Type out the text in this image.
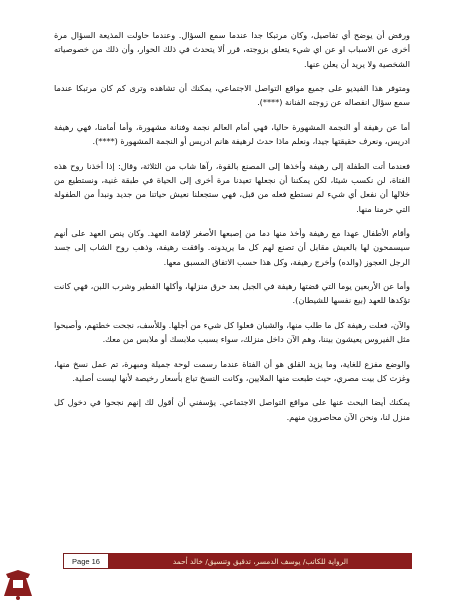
ورفض أن يوضح أي تفاصيل، وكان مرتبكا جدا عندما سمع السؤال. وعندما حاولت المذيعة السؤال مرة أخرى عن الاسباب او عن اي شيء يتعلق بزوجته، قرر ألا يتحدث في ذلك الحوار، وأن ذلك من خصوصياته الشخصية ولا يريد أن يعلن عنها.

ومتوفر هذا الفيديو على جميع مواقع التواصل الاجتماعي، يمكنك أن تشاهده وترى كم كان مرتبكا عندما سمع سؤال انفصاله عن زوجته الفنانة (****).

أما عن رهيفة أو النجمة المشهورة حاليا، فهي أمام العالم نجمة وفنانة مشهورة، وأما أمامنا، فهي رهيفة ادريس، ونعرف حقيقتها جيدا، ونعلم ماذا حدث لرهيفة هانم ادريس أو النجمة المشهورة (****).

فعندما أتت الطفلة إلى رهيفة وأخذها إلى المصنع بالقوة، رآها شاب من الثلاثة، وقال: إذا أخذنا روح هذه الفتاة، لن نكسب شيئا، لكن يمكننا أن نجعلها تعيدنا مرة أخرى إلى الحياة في طبقة غنية، ونستطيع من خلالها أن نفعل أي شيء لم نستطع فعله من قبل، فهي ستجعلنا نعيش حياتنا من جديد ونبدأ من الطفولة التي حرمنا منها.

وأقام الأطفال عهدا مع رهيفة وأخذ منها دما من إصبعها الأصغر لإقامة العهد. وكان ينص العهد على أنهم سيسمحون لها بالعيش مقابل أن تصنع لهم كل ما يريدونه. وافقت رهيفة، وذهب روح الشاب إلى جسد الرجل العجوز (والده) وأخرج رهيفة، وكل هذا حسب الاتفاق المسبق معها.

وأما عن الأربعين يوما التي قضتها رهيفة في الجبل بعد حرق منزلها، وأكلها الفطير وشرب اللبن، فهي كانت تؤكدها للعهد (بيع نفسها للشيطان).

والآن، فعلت رهيفة كل ما طلب منها، والشبان فعلوا كل شيء من أجلها. وللأسف، نجحت خطتهم، وأصبحوا مثل الفيروس يعيشون بيننا، وهم الآن داخل منزلك، سواء بسبب ملابسك أو ملابس من معك.

والوضع مفزع للغاية، وما يزيد القلق هو أن الفتاة عندما رسمت لوحة جميلة ومبهرة، تم عمل نسخ منها، وغزت كل بيت مصري، حيث طبعت منها الملايين، وكانت النسخ تباع بأسعار رخيصة لأنها ليست أصلية.

يمكنك أيضا البحث عنها على مواقع التواصل الاجتماعي. يؤسفني أن أقول لك إنهم نجحوا في دخول كل منزل لنا، ونحن الآن محاصرون منهم.

Page 16	الرواية للكاتب/ يوسف الدمسر، تدقيق وتنسيق/ خالد أحمد
